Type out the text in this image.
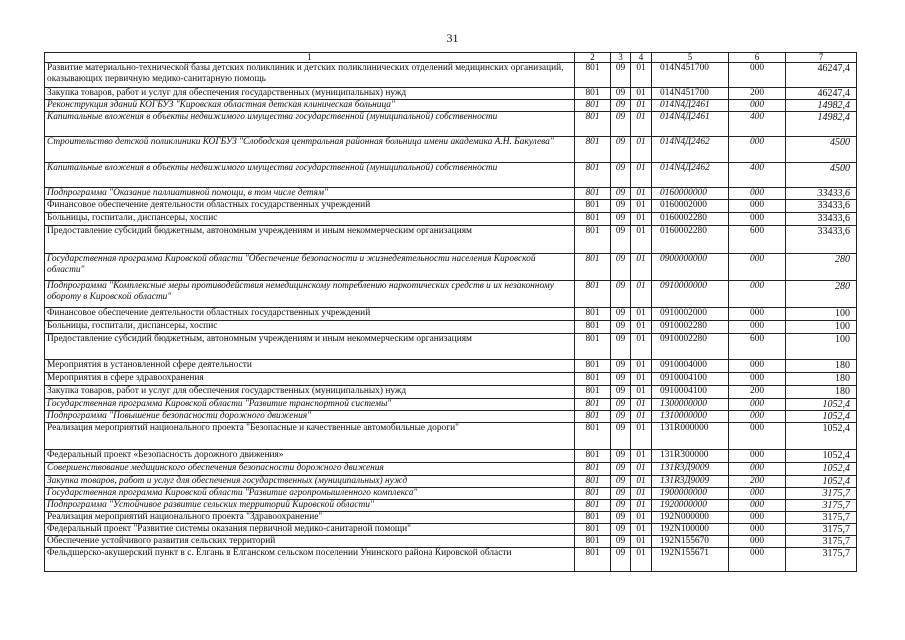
31
1	2	3	4	5	6	7
Развитие материально-технической базы детских поликлиник и детских поликлинических отделений медицинских организаций, оказывающих первичную медико-санитарную помощь	801	09	01	014N451700	000	46247,4
Закупка товаров, работ и услуг для обеспечения государственных (муниципальных) нужд	801	09	01	014N451700	200	46247,4
Реконструкция зданий КОГБУЗ "Кировская областная детская клиническая больница"	801	09	01	014N4Д2461	000	14982,4
Капитальные вложения в объекты недвижимого имущества государственной (муниципальной) собственности	801	09	01	014N4Д2461	400	14982,4
Строительство детской поликлиники КОГБУЗ "Слободская центральная районная больница имени академика А.Н. Бакулева"	801	09	01	014N4Д2462	000	4500
Капитальные вложения в объекты недвижимого имущества государственной (муниципальной) собственности	801	09	01	014N4Д2462	400	4500
Подпрограмма "Оказание паллиативной помощи, в том числе детям"	801	09	01	0160000000	000	33433,6
Финансовое обеспечение деятельности областных государственных учреждений	801	09	01	0160002000	000	33433,6
Больницы, госпитали, диспансеры, хоспис	801	09	01	0160002280	000	33433,6
Предоставление субсидий бюджетным, автономным учреждениям и иным некоммерческим организациям	801	09	01	0160002280	600	33433,6
Государственная программа Кировской области "Обеспечение безопасности и жизнедеятельности населения Кировской области"	801	09	01	0900000000	000	280
Подпрограмма "Комплексные меры противодействия немедицинскому потреблению наркотических средств и их незаконному обороту в Кировской области"	801	09	01	0910000000	000	280
Финансовое обеспечение деятельности областных государственных учреждений	801	09	01	0910002000	000	100
Больницы, госпитали, диспансеры, хоспис	801	09	01	0910002280	000	100
Предоставление субсидий бюджетным, автономным учреждениям и иным некоммерческим организациям	801	09	01	0910002280	600	100
Мероприятия в установленной сфере деятельности	801	09	01	0910004000	000	180
Мероприятия в сфере здравоохранения	801	09	01	0910004100	000	180
Закупка товаров, работ и услуг для обеспечения государственных (муниципальных) нужд	801	09	01	0910004100	200	180
Государственная программа Кировской области "Развитие транспортной системы"	801	09	01	1300000000	000	1052,4
Подпрограмма "Повышение безопасности дорожного движения"	801	09	01	1310000000	000	1052,4
Реализация мероприятий национального проекта "Безопасные и качественные автомобильные дороги"	801	09	01	131R000000	000	1052,4
Федеральный проект «Безопасность дорожного движения»	801	09	01	131R300000	000	1052,4
Совершенствование медицинского обеспечения безопасности дорожного движения	801	09	01	131R3Д9009	000	1052,4
Закупка товаров, работ и услуг для обеспечения государственных (муниципальных) нужд	801	09	01	131R3Д9009	200	1052,4
Государственная программа Кировской области "Развитие агропромышленного комплекса"	801	09	01	1900000000	000	3175,7
Подпрограмма "Устойчивое развитие сельских территорий Кировской области"	801	09	01	1920000000	000	3175,7
Реализация мероприятий национального проекта "Здравоохранение"	801	09	01	192N000000	000	3175,7
Федеральный проект "Развитие системы оказания первичной медико-санитарной помощи"	801	09	01	192N100000	000	3175,7
Обеспечение устойчивого развития сельских территорий	801	09	01	192N155670	000	3175,7
Фельдшерско-акушерский пункт в с. Елгань в Елганском сельском поселении Унинского района Кировской области	801	09	01	192N155671	000	3175,7
